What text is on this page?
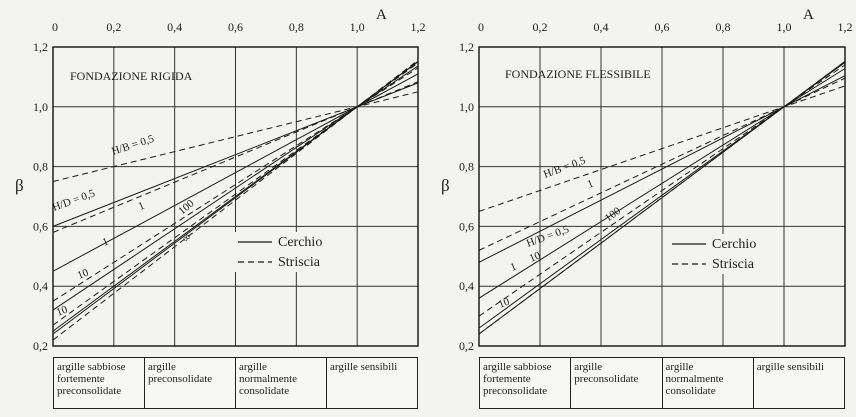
0	0,2	0,4	0,6	0,8	1,0	1,2
0,2
0,4
0,6
0,8
1,0
1,2
A
β
FONDAZIONE RIGIDA
H/B = 0,5
H/D = 0,5	1
1
10
10
100
∞	Cerchio
Striscia
0	0,2	0,4	0,6	0,8	1,0	1,2
0,2
0,4
0,6
0,8
1,0
1,2
A
β
FONDAZIONE FLESSIBILE
H/B = 0,5
H/D = 0,5
1
1
10
10
100
Cerchio
Striscia
argille sabbiose fortemente preconsolidate
argille preconsolidate
argille normalmente consolidate
argille sensibili	argille sabbiose fortemente preconsolidate
argille preconsolidate
argille normalmente consolidate
argille sensibili
